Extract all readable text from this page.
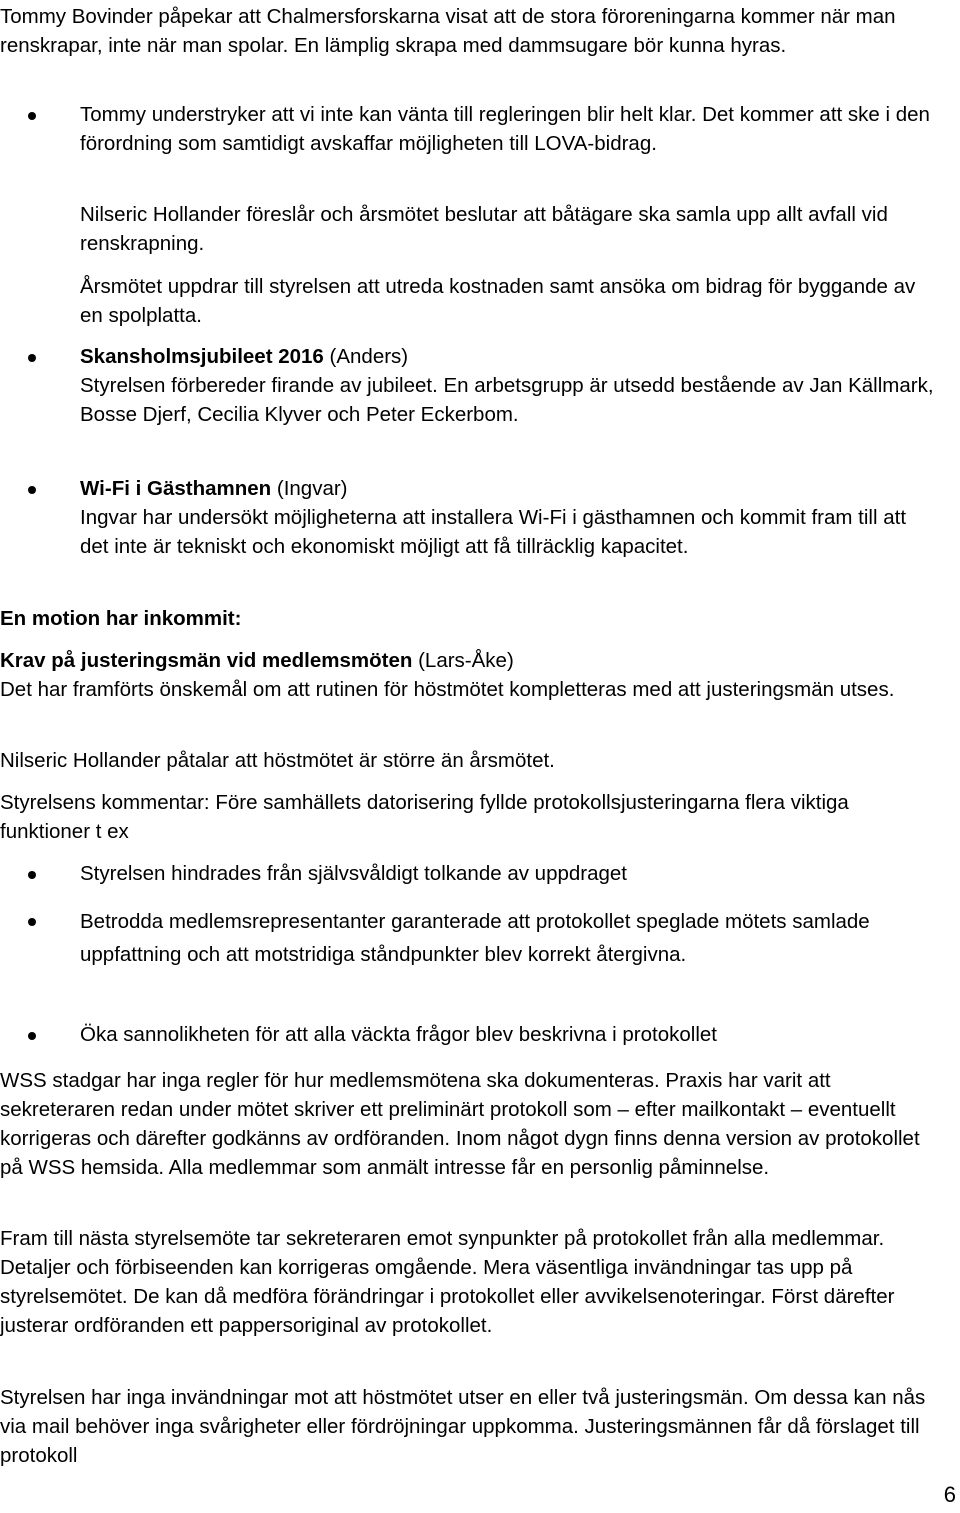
Tommy Bovinder påpekar att Chalmersforskarna visat att de stora föroreningarna kommer när man renskrapar, inte när man spolar. En lämplig skrapa med dammsugare bör kunna hyras.

Tommy understryker att vi inte kan vänta till regleringen blir helt klar. Det kommer att ske i den förordning som samtidigt avskaffar möjligheten till LOVA-bidrag.

Nilseric Hollander föreslår och årsmötet beslutar att båtägare ska samla upp allt avfall vid renskrapning.

Årsmötet uppdrar till styrelsen att utreda kostnaden samt ansöka om bidrag för byggande av en spolplatta.

Skansholmsjubileet 2016 (Anders)
Styrelsen förbereder firande av jubileet. En arbetsgrupp är utsedd bestående av Jan Källmark, Bosse Djerf, Cecilia Klyver och Peter Eckerbom.

Wi-Fi i Gästhamnen (Ingvar)
Ingvar har undersökt möjligheterna att installera Wi-Fi i gästhamnen och kommit fram till att det inte är tekniskt och ekonomiskt möjligt att få tillräcklig kapacitet.

En motion har inkommit:

Krav på justeringsmän vid medlemsmöten (Lars-Åke)
Det har framförts önskemål om att rutinen för höstmötet kompletteras med att justeringsmän utses.

Nilseric Hollander påtalar att höstmötet är större än årsmötet.

Styrelsens kommentar: Före samhällets datorisering fyllde protokollsjusteringarna flera viktiga funktioner t ex

Styrelsen hindrades från självsvåldigt tolkande av uppdraget

Betrodda medlemsrepresentanter garanterade att protokollet speglade mötets samlade uppfattning och att motstridiga ståndpunkter blev korrekt återgivna.

Öka sannolikheten för att alla väckta frågor blev beskrivna i protokollet

WSS stadgar har inga regler för hur medlemsmötena ska dokumenteras. Praxis har varit att sekreteraren redan under mötet skriver ett preliminärt protokoll som – efter mailkontakt – eventuellt korrigeras och därefter godkänns av ordföranden. Inom något dygn finns denna version av protokollet på WSS hemsida. Alla medlemmar som anmält intresse får en personlig påminnelse.

Fram till nästa styrelsemöte tar sekreteraren emot synpunkter på protokollet från alla medlemmar. Detaljer och förbiseenden kan korrigeras omgående. Mera väsentliga invändningar tas upp på styrelsemötet. De kan då medföra förändringar i protokollet eller avvikelsenoteringar. Först därefter justerar ordföranden ett pappersoriginal av protokollet.

Styrelsen har inga invändningar mot att höstmötet utser en eller två justeringsmän. Om dessa kan nås via mail behöver inga svårigheter eller fördröjningar uppkomma. Justeringsmännen får då förslaget till protokoll

6
